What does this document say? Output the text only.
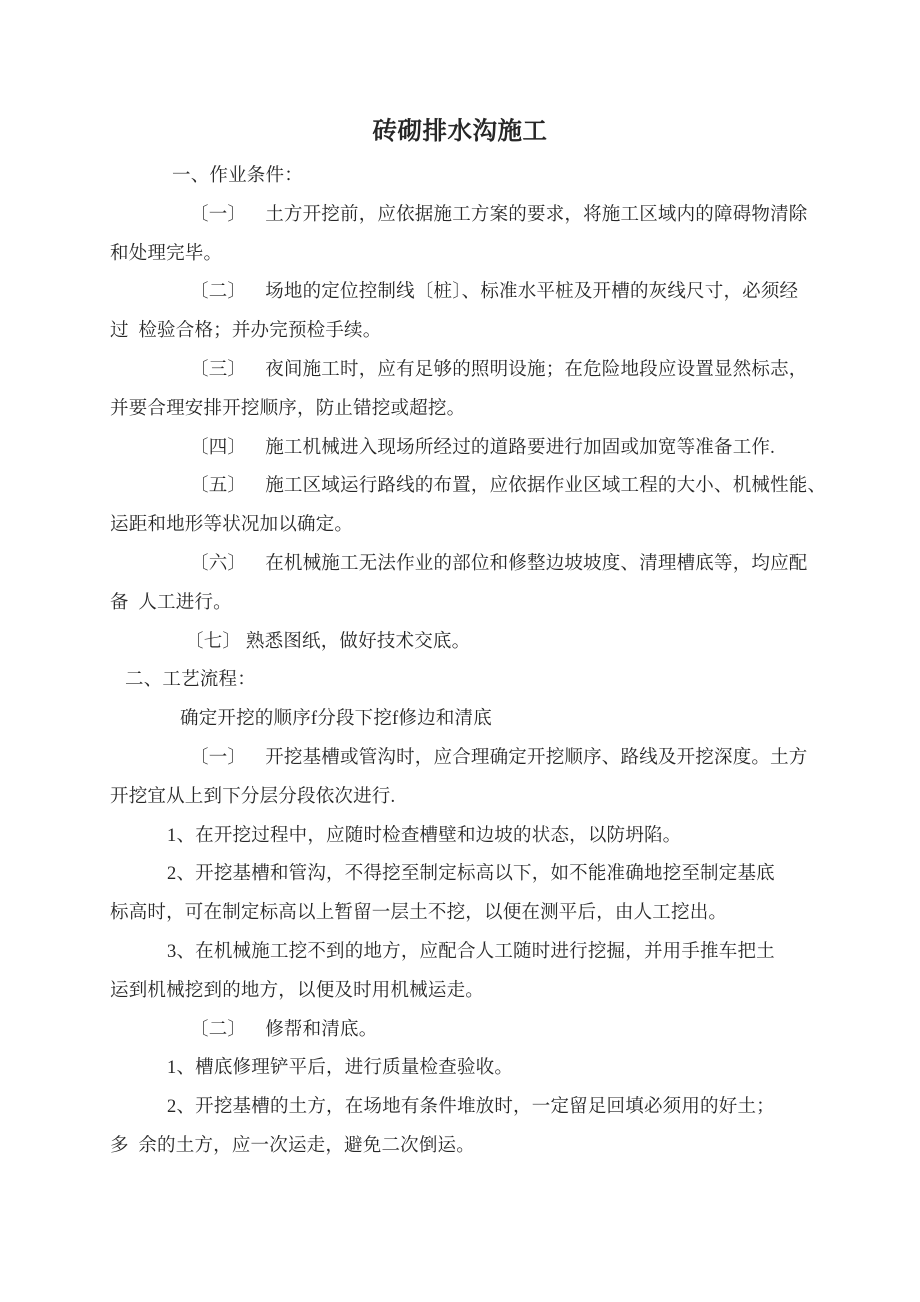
砖砌排水沟施工

一、作业条件：

〔一〕　  土方开挖前，应依据施工方案的要求，将施工区域内的障碍物清除

和处理完毕。

〔二〕　  场地的定位控制线〔桩〕、标准水平桩及开槽的灰线尺寸，必须经

过  检验合格；并办完预检手续。

〔三〕　  夜间施工时，应有足够的照明设施；在危险地段应设置显然标志，

并要合理安排开挖顺序，防止错挖或超挖。

〔四〕　  施工机械进入现场所经过的道路要进行加固或加宽等准备工作.

〔五〕　  施工区域运行路线的布置，应依据作业区域工程的大小、机械性能、

运距和地形等状况加以确定。

〔六〕　  在机械施工无法作业的部位和修整边坡坡度、清理槽底等，均应配

备  人工进行。

〔七〕 熟悉图纸，做好技术交底。

二、工艺流程：

确定开挖的顺序f分段下挖f修边和清底

〔一〕　  开挖基槽或管沟时，应合理确定开挖顺序、路线及开挖深度。土方

开挖宜从上到下分层分段依次进行.

1、在开挖过程中，应随时检查槽壁和边坡的状态，以防坍陷。

2、开挖基槽和管沟，不得挖至制定标高以下，如不能准确地挖至制定基底

标高时，可在制定标高以上暂留一层土不挖，以便在测平后，由人工挖出。

3、在机械施工挖不到的地方，应配合人工随时进行挖掘，并用手推车把土

运到机械挖到的地方，以便及时用机械运走。

〔二〕　  修帮和清底。

1、槽底修理铲平后，进行质量检查验收。

2、开挖基槽的土方，在场地有条件堆放时，一定留足回填必须用的好土；

多  余的土方，应一次运走，避免二次倒运。
